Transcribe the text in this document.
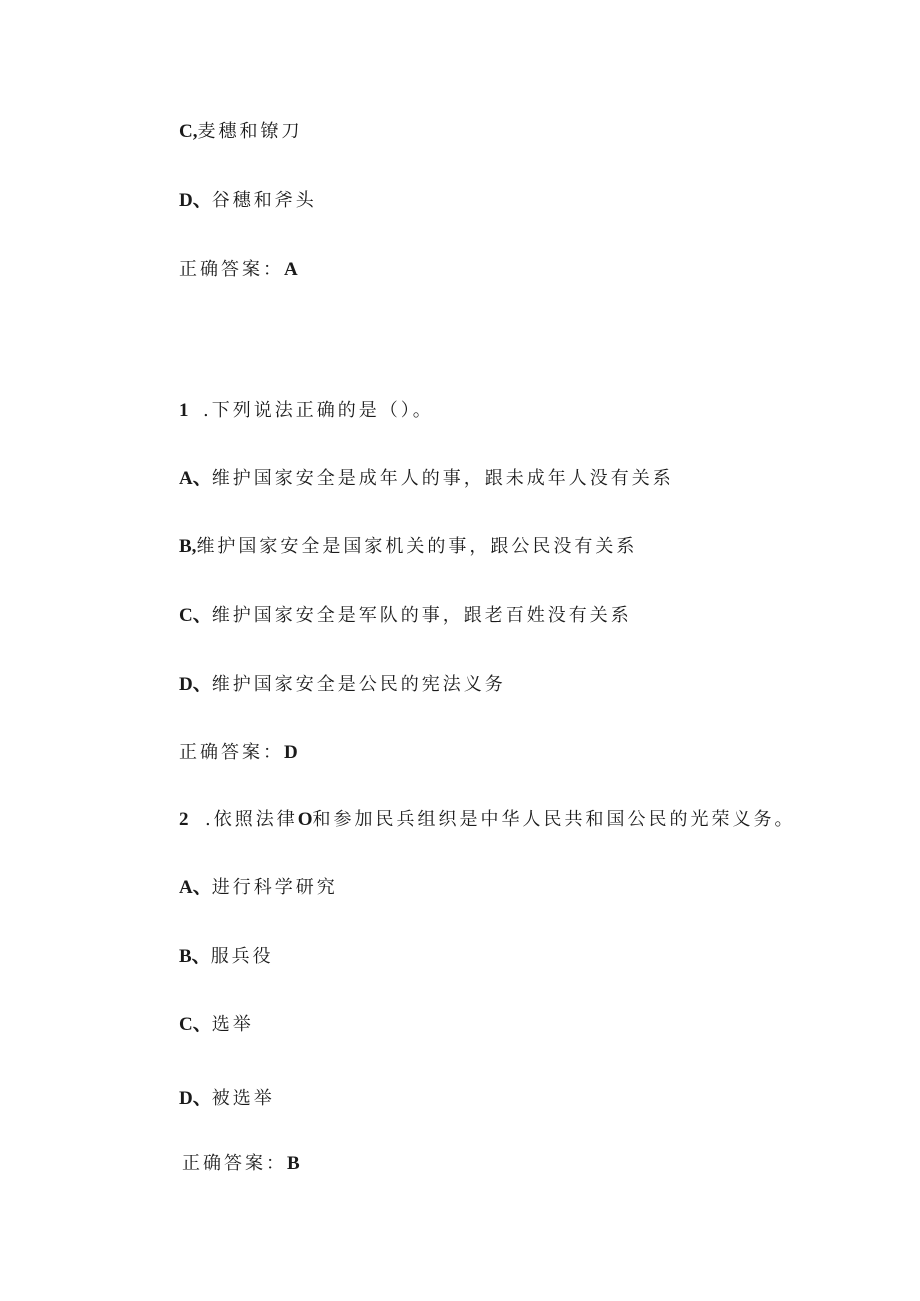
C,麦穗和镣刀
D、谷穗和斧头
正确答案：A
1 .下列说法正确的是（）。
A、维护国家安全是成年人的事，跟未成年人没有关系
B,维护国家安全是国家机关的事，跟公民没有关系
C、维护国家安全是军队的事，跟老百姓没有关系
D、维护国家安全是公民的宪法义务
正确答案：D
2 .依照法律O和参加民兵组织是中华人民共和国公民的光荣义务。
A、进行科学研究
B、服兵役
C、选举
D、被选举
正确答案：B
